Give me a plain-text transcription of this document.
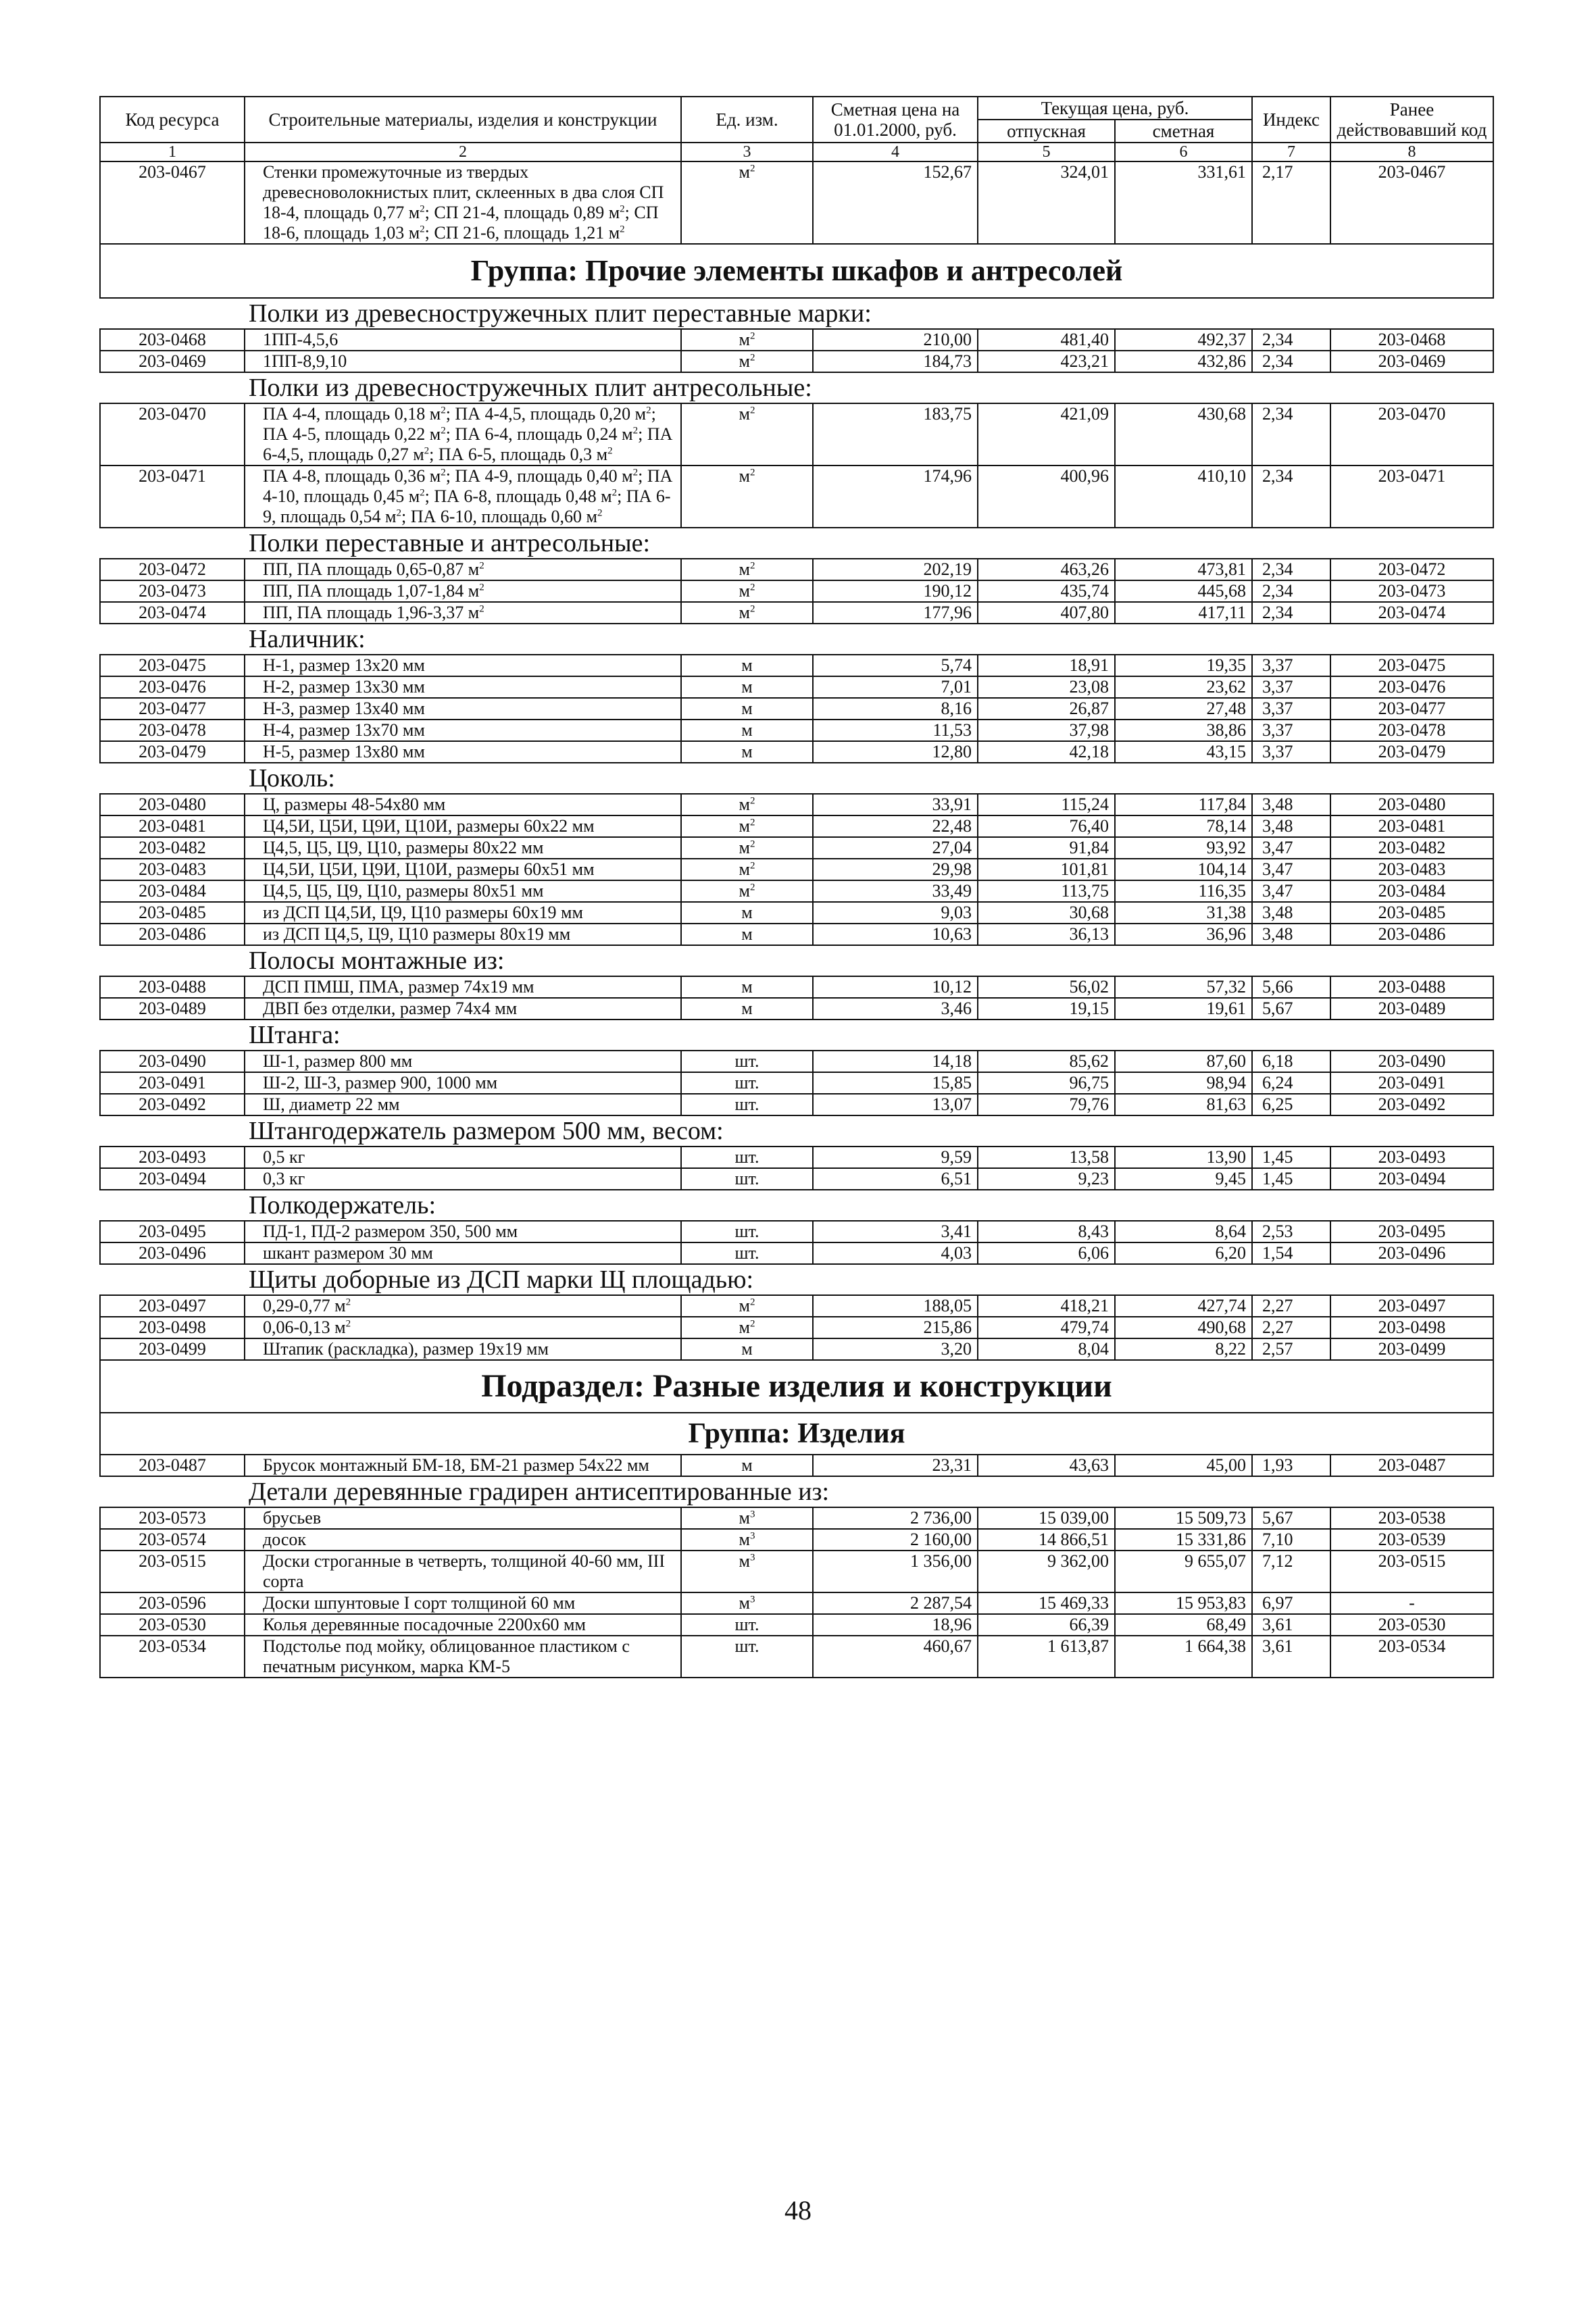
Код ресурса	Строительные материалы, изделия и конструкции	Ед. изм.	Сметная цена на 01.01.2000, руб.	Текущая цена, руб.		Индекс	Ранее действовавший код
				отпускная	сметная		
1	2	3	4	5	6	7	8
203-0467	Стенки промежуточные из твердых древесноволокнистых плит, склеенных в два слоя СП 18-4, площадь 0,77 $м^2$; СП 21-4, площадь 0,89 $м^2$; СП 18-6, площадь 1,03 $м^2$; СП 21-6, площадь 1,21 $м^2$	$м^2$	152,67	324,01	331,61	2,17	203-0467
Группа: Прочие элементы шкафов и антресолей							
	Полки из древесностружечных плит переставные марки:						
203-0468	1ПП-4,5,6	$м^2$	210,00	481,40	492,37	2,34	203-0468
203-0469	1ПП-8,9,10	$м^2$	184,73	423,21	432,86	2,34	203-0469
	Полки из древесностружечных плит антресольные:						
203-0470	ПА 4-4, площадь 0,18 $м^2$; ПА 4-4,5, площадь 0,20 $м^2$; ПА 4-5, площадь 0,22 $м^2$; ПА 6-4, площадь 0,24 $м^2$; ПА 6-4,5, площадь 0,27 $м^2$; ПА 6-5, площадь 0,3 $м^2$	$м^2$	183,75	421,09	430,68	2,34	203-0470
203-0471	ПА 4-8, площадь 0,36 $м^2$; ПА 4-9, площадь 0,40 $м^2$; ПА 4-10, площадь 0,45 $м^2$; ПА 6-8, площадь 0,48 $м^2$; ПА 6-9, площадь 0,54 $м^2$; ПА 6-10, площадь 0,60 $м^2$	$м^2$	174,96	400,96	410,10	2,34	203-0471
	Полки переставные и антресольные:						
203-0472	ПП, ПА площадь 0,65-0,87 $м^2$	$м^2$	202,19	463,26	473,81	2,34	203-0472
203-0473	ПП, ПА площадь 1,07-1,84 $м^2$	$м^2$	190,12	435,74	445,68	2,34	203-0473
203-0474	ПП, ПА площадь 1,96-3,37 $м^2$	$м^2$	177,96	407,80	417,11	2,34	203-0474
	Наличник:						
203-0475	Н-1, размер 13х20 мм	м	5,74	18,91	19,35	3,37	203-0475
203-0476	Н-2, размер 13х30 мм	м	7,01	23,08	23,62	3,37	203-0476
203-0477	Н-3, размер 13х40 мм	м	8,16	26,87	27,48	3,37	203-0477
203-0478	Н-4, размер 13х70 мм	м	11,53	37,98	38,86	3,37	203-0478
203-0479	Н-5, размер 13х80 мм	м	12,80	42,18	43,15	3,37	203-0479
	Цоколь:						
203-0480	Ц, размеры 48-54х80 мм	$м^2$	33,91	115,24	117,84	3,48	203-0480
203-0481	Ц4,5И, Ц5И, Ц9И, Ц10И, размеры 60х22 мм	$м^2$	22,48	76,40	78,14	3,48	203-0481
203-0482	Ц4,5, Ц5, Ц9, Ц10, размеры 80х22 мм	$м^2$	27,04	91,84	93,92	3,47	203-0482
203-0483	Ц4,5И, Ц5И, Ц9И, Ц10И, размеры 60х51 мм	$м^2$	29,98	101,81	104,14	3,47	203-0483
203-0484	Ц4,5, Ц5, Ц9, Ц10, размеры 80х51 мм	$м^2$	33,49	113,75	116,35	3,47	203-0484
203-0485	из ДСП Ц4,5И, Ц9, Ц10 размеры 60х19 мм	м	9,03	30,68	31,38	3,48	203-0485
203-0486	из ДСП Ц4,5, Ц9, Ц10 размеры 80х19 мм	м	10,63	36,13	36,96	3,48	203-0486
	Полосы монтажные из:						
203-0488	ДСП ПМШ, ПМА, размер 74х19 мм	м	10,12	56,02	57,32	5,66	203-0488
203-0489	ДВП без отделки, размер 74х4 мм	м	3,46	19,15	19,61	5,67	203-0489
	Штанга:						
203-0490	Ш-1, размер 800 мм	шт.	14,18	85,62	87,60	6,18	203-0490
203-0491	Ш-2, Ш-3, размер 900, 1000 мм	шт.	15,85	96,75	98,94	6,24	203-0491
203-0492	Ш, диаметр 22 мм	шт.	13,07	79,76	81,63	6,25	203-0492
	Штангодержатель размером 500 мм, весом:						
203-0493	0,5 кг	шт.	9,59	13,58	13,90	1,45	203-0493
203-0494	0,3 кг	шт.	6,51	9,23	9,45	1,45	203-0494
	Полкодержатель:						
203-0495	ПД-1, ПД-2 размером 350, 500 мм	шт.	3,41	8,43	8,64	2,53	203-0495
203-0496	шкант размером 30 мм	шт.	4,03	6,06	6,20	1,54	203-0496
	Щиты доборные из ДСП марки Щ площадью:						
203-0497	0,29-0,77 $м^2$	$м^2$	188,05	418,21	427,74	2,27	203-0497
203-0498	0,06-0,13 $м^2$	$м^2$	215,86	479,74	490,68	2,27	203-0498
203-0499	Штапик (раскладка), размер 19х19 мм	м	3,20	8,04	8,22	2,57	203-0499
Подраздел: Разные изделия и конструкции							
Группа: Изделия							
203-0487	Брусок монтажный БМ-18, БМ-21 размер 54х22 мм	м	23,31	43,63	45,00	1,93	203-0487
	Детали деревянные градирен антисептированные из:						
203-0573	брусьев	$м^3$	2 736,00	15 039,00	15 509,73	5,67	203-0538
203-0574	досок	$м^3$	2 160,00	14 866,51	15 331,86	7,10	203-0539
203-0515	Доски строганные в четверть, толщиной 40-60 мм, III сорта	$м^3$	1 356,00	9 362,00	9 655,07	7,12	203-0515
203-0596	Доски шпунтовые I сорт толщиной 60 мм	$м^3$	2 287,54	15 469,33	15 953,83	6,97	-
203-0530	Колья деревянные посадочные 2200х60 мм	шт.	18,96	66,39	68,49	3,61	203-0530
203-0534	Подстолье под мойку, облицованное пластиком с печатным рисунком, марка КМ-5	шт.	460,67	1 613,87	1 664,38	3,61	203-0534
48
